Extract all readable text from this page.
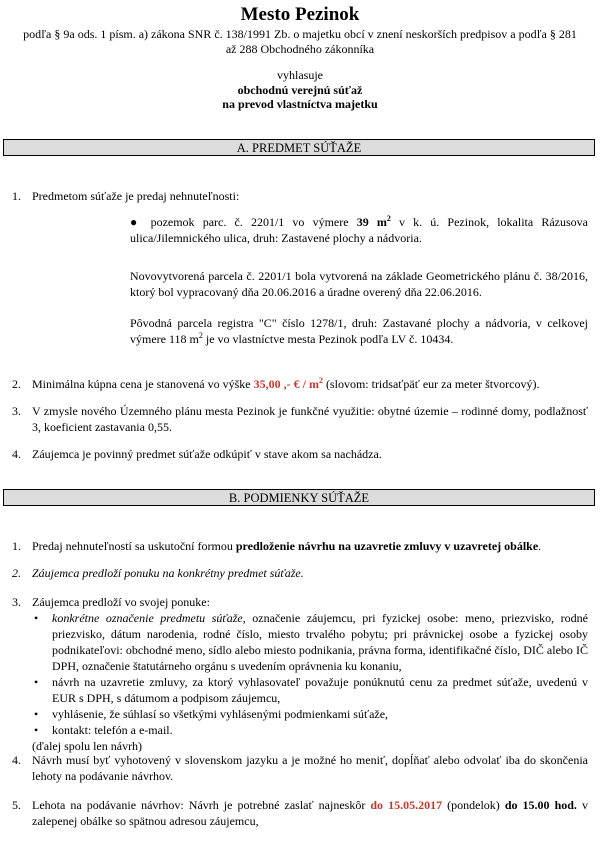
Mesto Pezinok
podľa § 9a ods. 1 písm. a) zákona SNR č. 138/1991 Zb. o majetku obcí v znení neskorších predpisov a podľa § 281
až 288 Obchodného zákonníka
vyhlasuje
obchodnú verejnú súťaž
na prevod vlastníctva majetku
A. PREDMET SÚŤAŽE
1. Predmetom súťaže je predaj nehnuteľnosti:
● pozemok parc. č. 2201/1 vo výmere 39 $m^2$ v k. ú. Pezinok, lokalita Rázusova ulica/Jilemnického ulica, druh: Zastavené plochy a nádvoria.
Novovytvorená parcela č. 2201/1 bola vytvorená na základe Geometrického plánu č. 38/2016, ktorý bol vypracovaný dňa 20.06.2016 a úradne overený dňa 22.06.2016.
Pôvodná parcela registra "C" číslo 1278/1, druh: Zastavané plochy a nádvoria, v celkovej výmere 118 $m^2$ je vo vlastníctve mesta Pezinok podľa LV č. 10434.
2. Minimálna kúpna cena je stanovená vo výške 35,00 ,- € / $m^2$ (slovom: tridsaťpäť eur za meter štvorcový).
3. V zmysle nového Územného plánu mesta Pezinok je funkčné využitie: obytné územie – rodinné domy, podlažnosť 3, koeficient zastavania 0,55.
4. Záujemca je povinný predmet súťaže odkúpiť v stave akom sa nachádza.
B. PODMIENKY SÚŤAŽE
1. Predaj nehnuteľností sa uskutoční formou predloženie návrhu na uzavretie zmluvy v uzavretej obálke.
2. Záujemca predloží ponuku na konkrétny predmet súťaže.
3. Záujemca predloží vo svojej ponuke:
• konkrétne označenie predmetu súťaže, označenie záujemcu, pri fyzickej osobe: meno, priezvisko, rodné priezvisko, dátum narodenia, rodné číslo, miesto trvalého pobytu; pri právnickej osobe a fyzickej osoby podnikateľovi: obchodné meno, sídlo alebo miesto podnikania, právna forma, identifikačné číslo, DIČ alebo IČ DPH, označenie štatutárneho orgánu s uvedením oprávnenia ku konaniu,
• návrh na uzavretie zmluvy, za ktorý vyhlasovateľ považuje ponúknutú cenu za predmet súťaže, uvedenú v EUR s DPH, s dátumom a podpisom záujemcu,
• vyhlásenie, že súhlasí so všetkými vyhlásenými podmienkami súťaže,
• kontakt: telefón a e-mail.
(ďalej spolu len návrh)
4. Návrh musí byť vyhotovený v slovenskom jazyku a je možné ho meniť, dopĺňať alebo odvolať iba do skončenia lehoty na podávanie návrhov.
5. Lehota na podávanie návrhov: Návrh je potrebné zaslať najneskôr do 15.05.2017 (pondelok) do 15.00 hod. v zalepenej obálke so spätnou adresou záujemcu,
